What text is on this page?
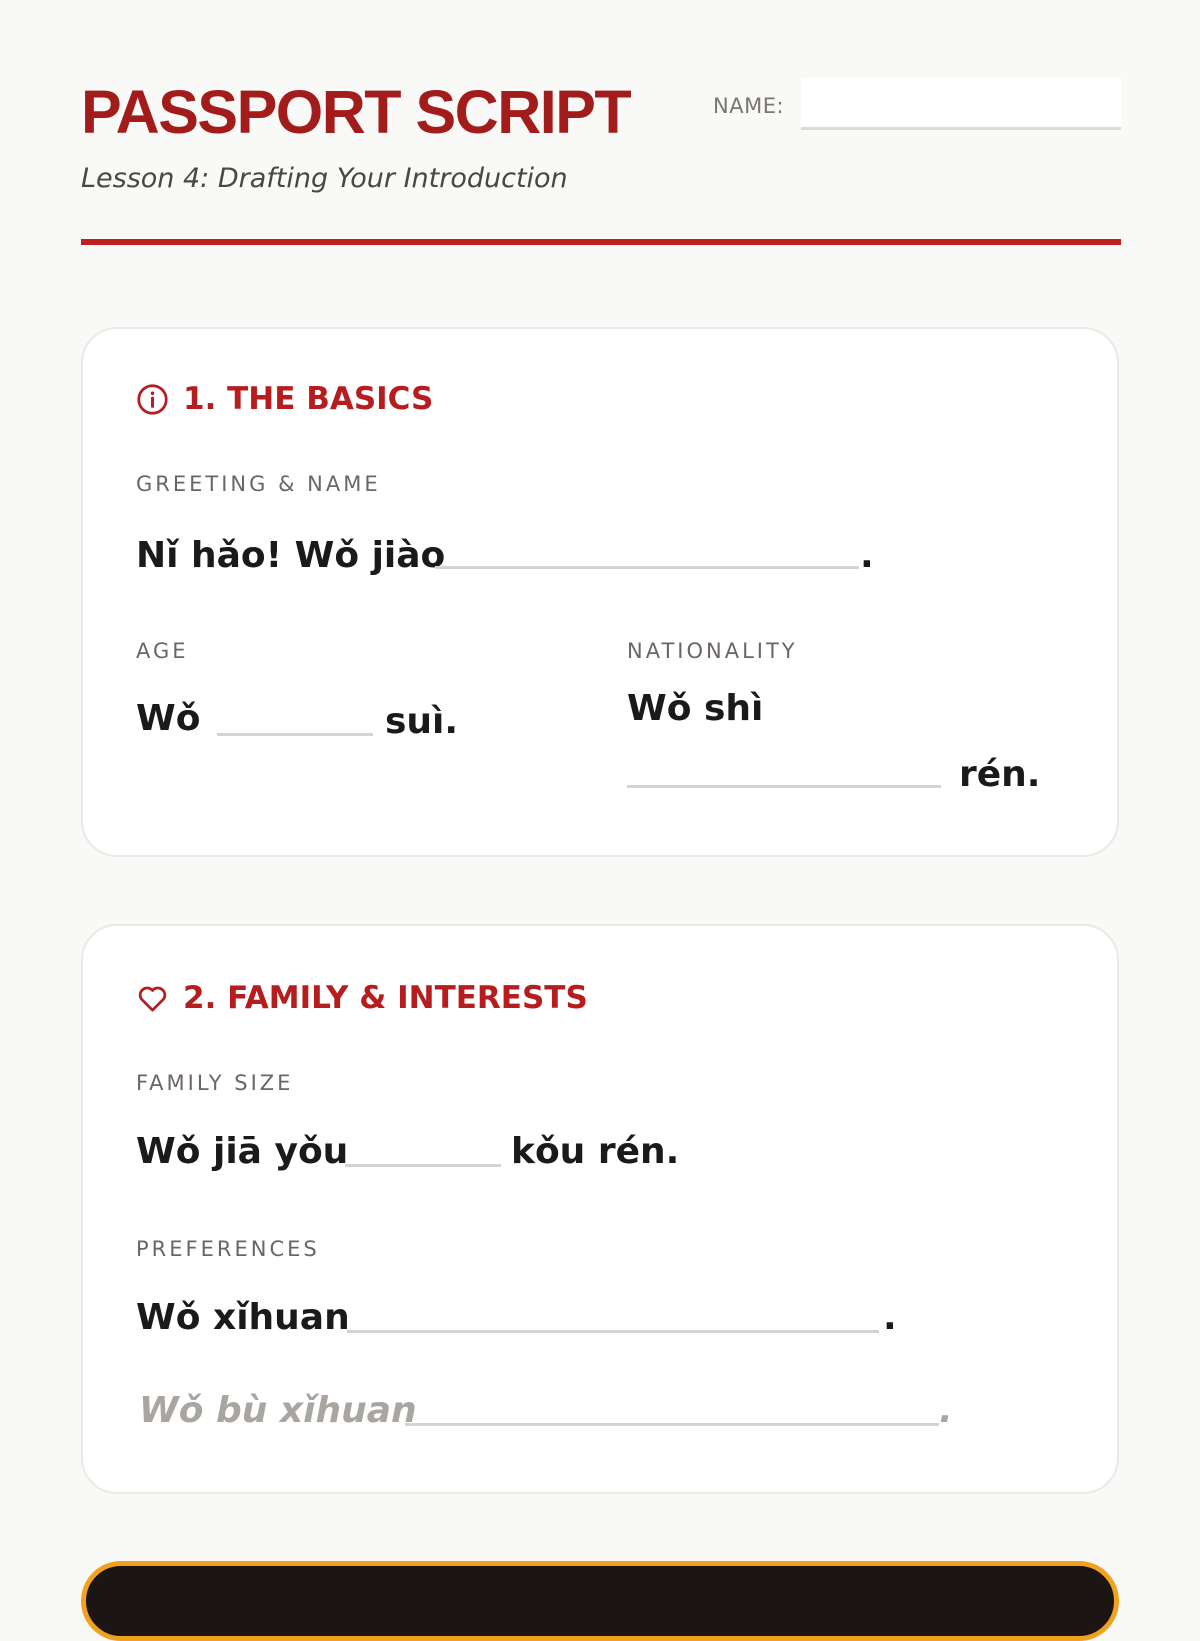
PASSPORT SCRIPT
Lesson 4: Drafting Your Introduction
NAME:
1. THE BASICS
GREETING & NAME
Nǐ hǎo! Wǒ jiào	.
AGE
Wǒ	suì.
NATIONALITY
Wǒ shì
rén.
2. FAMILY & INTERESTS
FAMILY SIZE
Wǒ jiā yǒu	kǒu rén.
PREFERENCES
Wǒ xǐhuan	.
Wǒ bù xǐhuan	.
